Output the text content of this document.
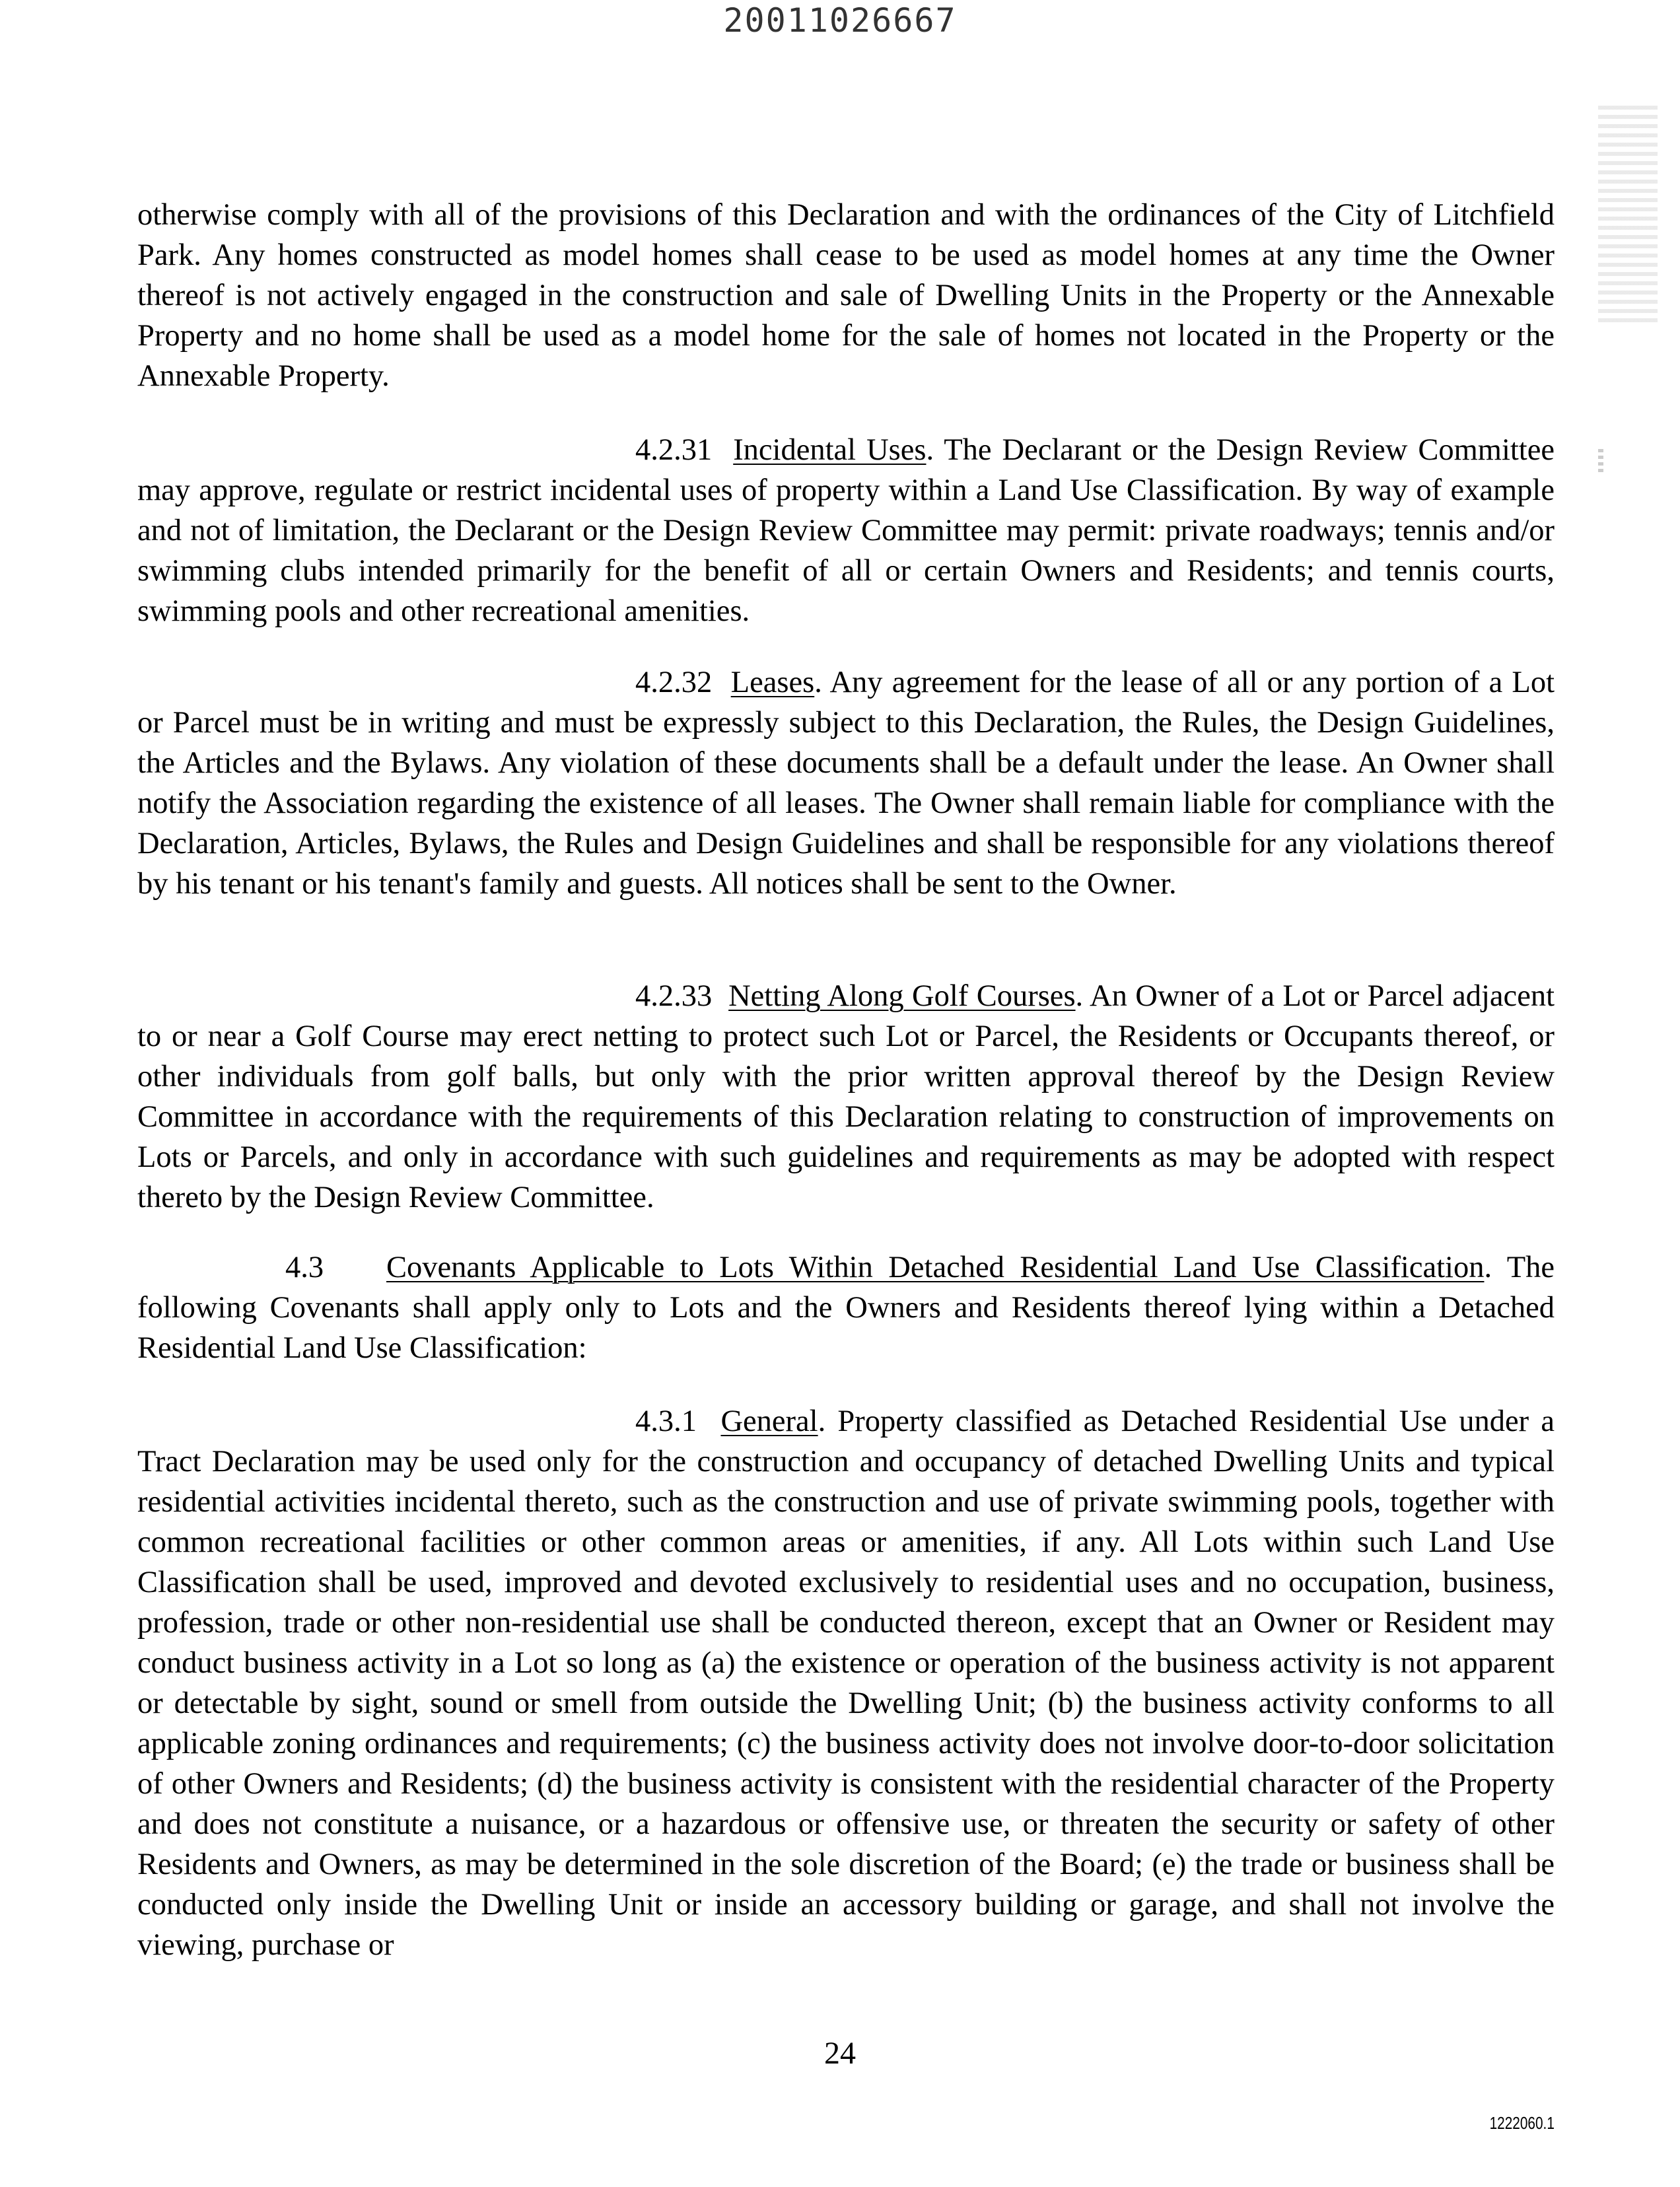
20011026667

otherwise comply with all of the provisions of this Declaration and with the ordinances of the City of Litchfield Park. Any homes constructed as model homes shall cease to be used as model homes at any time the Owner thereof is not actively engaged in the construction and sale of Dwelling Units in the Property or the Annexable Property and no home shall be used as a model home for the sale of homes not located in the Property or the Annexable Property.

4.2.31 Incidental Uses. The Declarant or the Design Review Committee may approve, regulate or restrict incidental uses of property within a Land Use Classification. By way of example and not of limitation, the Declarant or the Design Review Committee may permit: private roadways; tennis and/or swimming clubs intended primarily for the benefit of all or certain Owners and Residents; and tennis courts, swimming pools and other recreational amenities.

4.2.32 Leases. Any agreement for the lease of all or any portion of a Lot or Parcel must be in writing and must be expressly subject to this Declaration, the Rules, the Design Guidelines, the Articles and the Bylaws. Any violation of these documents shall be a default under the lease. An Owner shall notify the Association regarding the existence of all leases. The Owner shall remain liable for compliance with the Declaration, Articles, Bylaws, the Rules and Design Guidelines and shall be responsible for any violations thereof by his tenant or his tenant's family and guests. All notices shall be sent to the Owner.

4.2.33 Netting Along Golf Courses. An Owner of a Lot or Parcel adjacent to or near a Golf Course may erect netting to protect such Lot or Parcel, the Residents or Occupants thereof, or other individuals from golf balls, but only with the prior written approval thereof by the Design Review Committee in accordance with the requirements of this Declaration relating to construction of improvements on Lots or Parcels, and only in accordance with such guidelines and requirements as may be adopted with respect thereto by the Design Review Committee.

4.3 Covenants Applicable to Lots Within Detached Residential Land Use Classification. The following Covenants shall apply only to Lots and the Owners and Residents thereof lying within a Detached Residential Land Use Classification:

4.3.1 General. Property classified as Detached Residential Use under a Tract Declaration may be used only for the construction and occupancy of detached Dwelling Units and typical residential activities incidental thereto, such as the construction and use of private swimming pools, together with common recreational facilities or other common areas or amenities, if any. All Lots within such Land Use Classification shall be used, improved and devoted exclusively to residential uses and no occupation, business, profession, trade or other non-residential use shall be conducted thereon, except that an Owner or Resident may conduct business activity in a Lot so long as (a) the existence or operation of the business activity is not apparent or detectable by sight, sound or smell from outside the Dwelling Unit; (b) the business activity conforms to all applicable zoning ordinances and requirements; (c) the business activity does not involve door-to-door solicitation of other Owners and Residents; (d) the business activity is consistent with the residential character of the Property and does not constitute a nuisance, or a hazardous or offensive use, or threaten the security or safety of other Residents and Owners, as may be determined in the sole discretion of the Board; (e) the trade or business shall be conducted only inside the Dwelling Unit or inside an accessory building or garage, and shall not involve the viewing, purchase or

24
1222060.1
